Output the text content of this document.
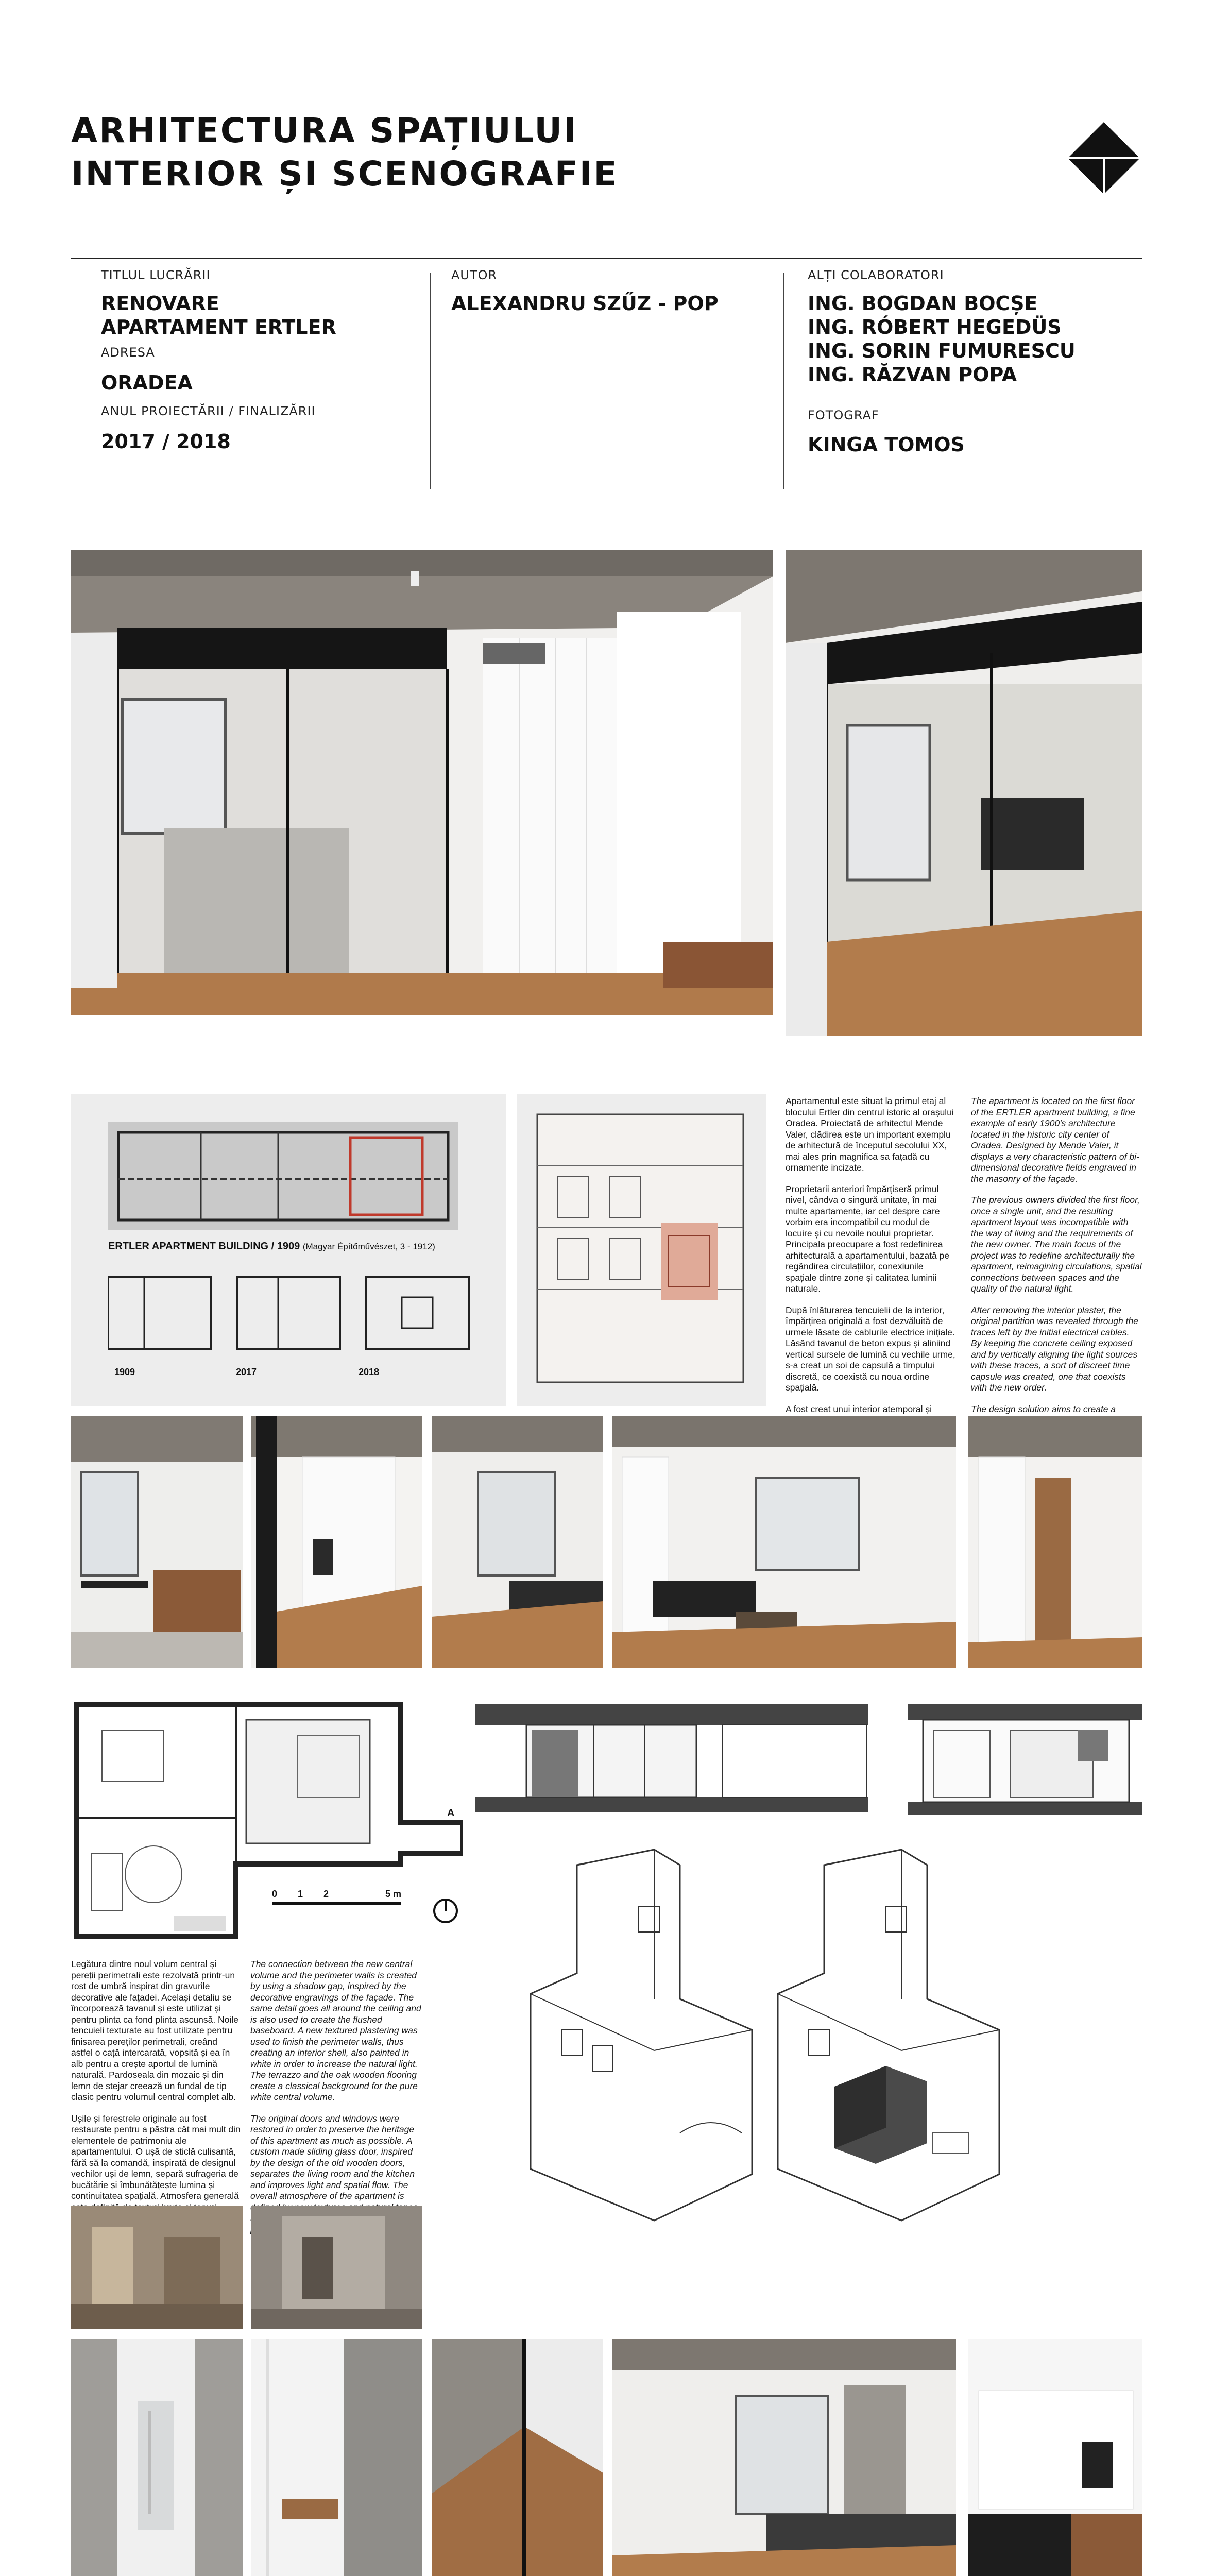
ARHITECTURA SPAȚIULUI
INTERIOR ȘI SCENOGRAFIE
TITLUL LUCRĂRII
RENOVARE
APARTAMENT ERTLER
ADRESA
ORADEA
ANUL PROIECTĂRII / FINALIZĂRII
2017 / 2018
AUTOR
ALEXANDRU SZŰZ - POP
ALȚI COLABORATORI
ING. BOGDAN BOCȘE
ING. RÓBERT HEGEDÜS
ING. SORIN FUMURESCU
ING. RĂZVAN POPA
FOTOGRAF
KINGA TOMOS
ERTLER APARTMENT BUILDING / 1909 (Magyar Építőművészet, 3 - 1912)
1909	2017	2018

Apartamentul este situat la primul etaj al blocului Ertler din centrul istoric al orașului Oradea. Proiectată de arhitectul Mende Valer, clădirea este un important exemplu de arhitectură de începutul secolului XX, mai ales prin magnifica sa fațadă cu ornamente incizate.

Proprietarii anteriori împărțiseră primul nivel, cândva o singură unitate, în mai multe apartamente, iar cel despre care vorbim era incompatibil cu modul de locuire și cu nevoile noului proprietar. Principala preocupare a fost redefinirea arhitecturală a apartamentului, bazată pe regândirea circulațiilor, conexiunile spațiale dintre zone și calitatea luminii naturale.

După înlăturarea tencuielii de la interior, împărțirea originală a fost dezvăluită de urmele lăsate de cablurile electrice inițiale. Lăsând tavanul de beton expus și aliniind vertical sursele de lumină cu vechile urme, s-a creat un soi de capsulă a timpului discretă, ce coexistă cu noua ordine spațială.

A fost creat unui interior atemporal și

The apartment is located on the first floor of the ERTLER apartment building, a fine example of early 1900's architecture located in the historic city center of Oradea. Designed by Mende Valer, it displays a very characteristic pattern of bi-dimensional decorative fields engraved in the masonry of the façade.

The previous owners divided the first floor, once a single unit, and the resulting apartment layout was incompatible with the way of living and the requirements of the new owner. The main focus of the project was to redefine architecturally the apartment, reimagining circulations, spatial connections between spaces and the quality of the natural light.

After removing the interior plaster, the original partition was revealed through the traces left by the initial electrical cables. By keeping the concrete ceiling exposed and by vertically aligning the light sources with these traces, a sort of discreet time capsule was created, one that coexists with the new order.

The design solution aims to create a

A
0 1 2	5 m

Legătura dintre noul volum central și pereții perimetrali este rezolvată printr-un rost de umbră inspirat din gravurile decorative ale fațadei. Același detaliu se încorporează tavanul și este utilizat și pentru plinta ca fond plinta ascunsă. Noile tencuieli texturate au fost utilizate pentru finisarea pereților perimetrali, creând astfel o cață intercarată, vopsită și ea în alb pentru a crește aportul de lumină naturală. Pardoseala din mozaic și din lemn de stejar creează un fundal de tip clasic pentru volumul central complet alb.

Ușile și ferestrele originale au fost restaurate pentru a păstra cât mai mult din elementele de patrimoniu ale apartamentului. O ușă de sticlă culisantă, fără să la comandă, inspirată de designul vechilor uși de lemn, separă sufrageria de bucătărie și îmbunătățește lumina și continuitatea spațială. Atmosfera generală

The connection between the new central volume and the perimeter walls is created by using a shadow gap, inspired by the decorative engravings of the façade. The same detail goes all around the ceiling and is also used to create the flushed baseboard. A new textured plastering was used to finish the perimeter walls, thus creating an interior shell, also painted in white in order to increase the natural light. The terrazzo and the oak wooden flooring create a classical background for the pure white central volume.

The original doors and windows were restored in order to preserve the heritage of this apartment as much as possible. A custom made sliding glass door, inspired by the design of the old wooden doors, separates the living room and the kitchen and improves light and spatial flow. The overall atmosphere of the apartment is
